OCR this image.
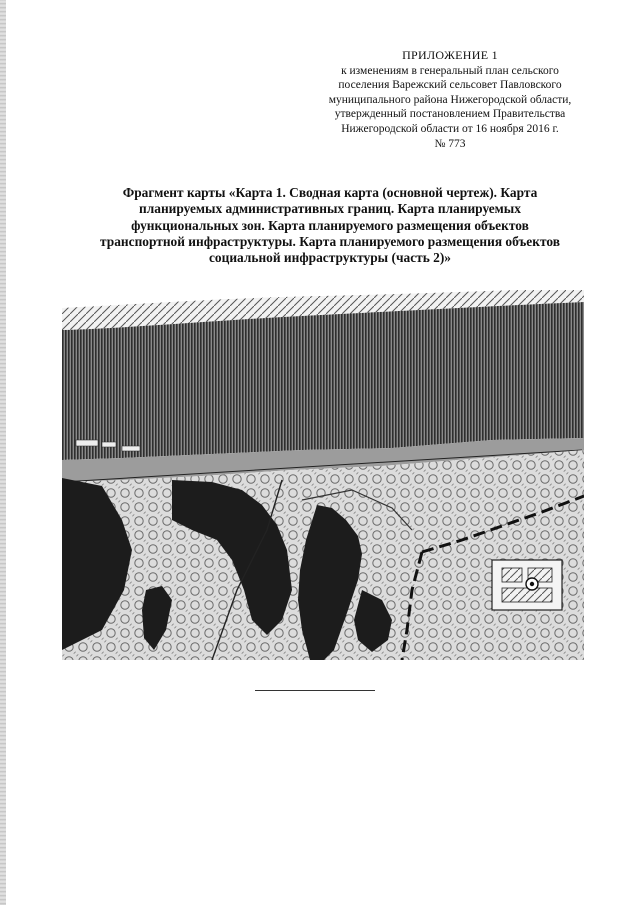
ПРИЛОЖЕНИЕ 1
к изменениям в генеральный план сельского
поселения Варежский сельсовет Павловского
муниципального района Нижегородской области,
утвержденный постановлением Правительства
Нижегородской области от 16 ноября 2016 г.
№ 773
Фрагмент карты «Карта 1. Сводная карта (основной чертеж). Карта
планируемых административных границ. Карта планируемых
функциональных зон. Карта планируемого размещения объектов
транспортной инфраструктуры. Карта планируемого размещения объектов
социальной инфраструктуры (часть 2)»
